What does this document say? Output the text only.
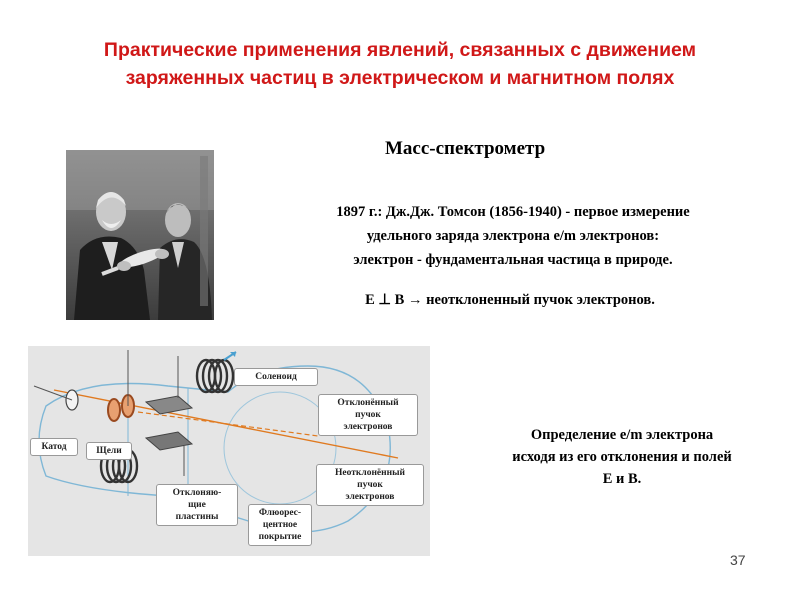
Практические применения явлений, связанных с движением
заряженных частиц в электрическом и магнитном полях
Масс-спектрометр
1897 г.: Дж.Дж. Томсон (1856-1940) - первое измерение
удельного заряда электрона e/m электронов:
электрон - фундаментальная частица в природе.
E ⊥ B → неотклоненный пучок электронов.
Соленоид
Отклонённый
пучок
электронов
Катод	Щели
Неотклонённый
пучок
электронов
Отклоняю-
щие
пластины	Флюорес-
центное
покрытие
Определение e/m электрона
исходя из его отклонения и полей
E и B.
37
